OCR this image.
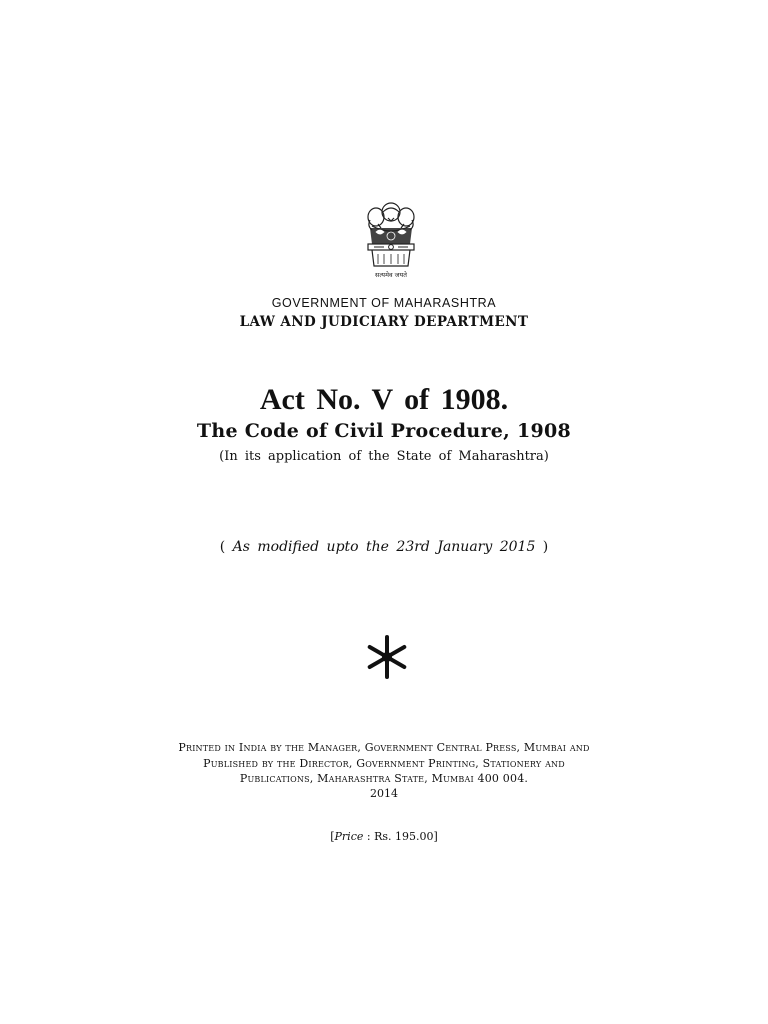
सत्यमेव जयते
GOVERNMENT OF MAHARASHTRA
LAW AND JUDICIARY DEPARTMENT
Act No. V of 1908.
The Code of Civil Procedure, 1908
(In its application of the State of Maharashtra)
( As modified upto the 23rd January 2015 )
Printed in India by the Manager, Government Central Press, Mumbai and
Published by the Director, Government Printing, Stationery and
Publications, Maharashtra State, Mumbai 400 004.
2014
[Price : Rs. 195.00]
